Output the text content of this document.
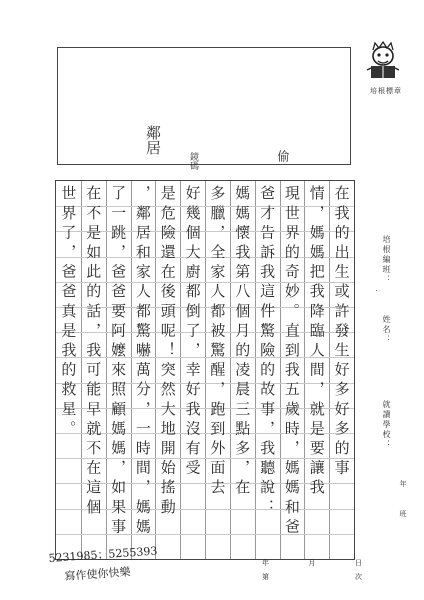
培根標章
鄰居
鏡碼	偷
在我的出生或許發生好多好多的事
情，媽媽把我降臨人間，就是要讓我
現世界的奇妙。直到我五歲時，媽媽和爸
爸才告訴我這件驚險的故事，我聽說：
媽媽懷我第八個月的凌晨三點多，在
多臘，全家人都被驚醒，跑到外面去
好幾個大廚都倒了，幸好我沒有受
是危險還在後頭呢！突然大地開始搖動
，鄰居和家人都驚嚇萬分，一時間，媽媽
了一跳，爸爸要阿嬤來照顧媽媽，如果事
在不是如此的話，我可能早就不在這個
世界了，爸爸真是我的救星。	培根編班：
姓名：
就讀學校：
年
班
年	月	日
第	次
5231985；5255393
寫作使你快樂
